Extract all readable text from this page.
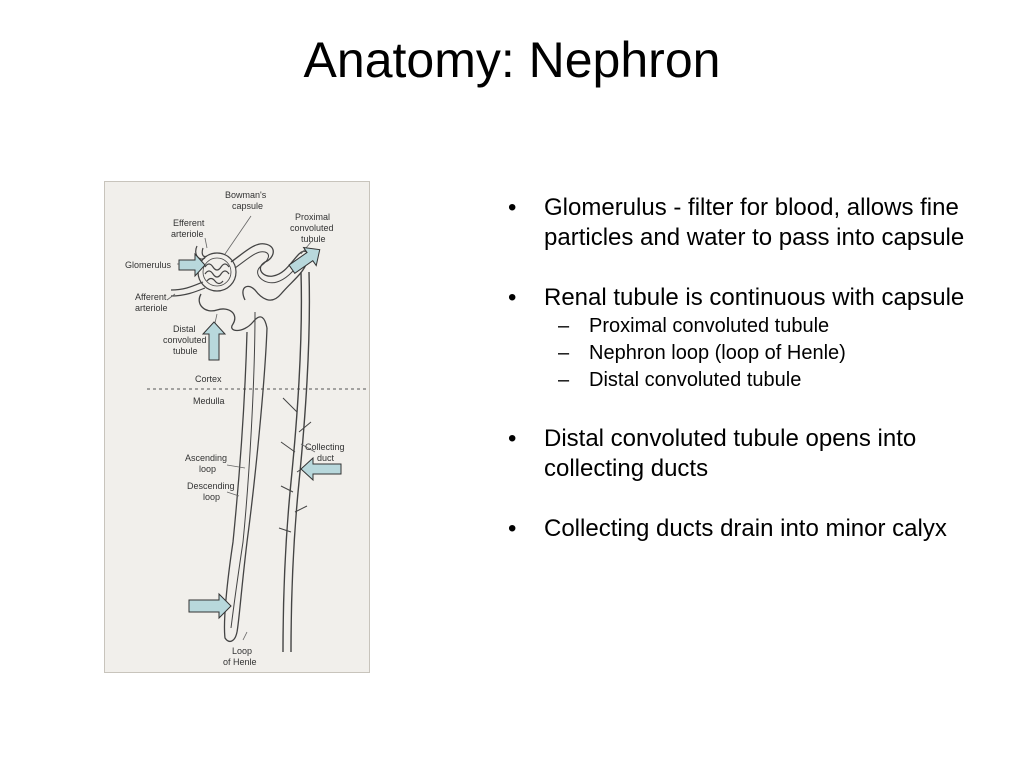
Anatomy: Nephron
Bowman's capsule
Efferent arteriole
Proximal convoluted tubule
Glomerulus
Afferent arteriole
Distal convoluted tubule
Cortex
Medulla
Collecting duct
Ascending loop
Descending loop
Loop of Henle
• Glomerulus - filter for blood, allows fine particles and water to pass into capsule
• Renal tubule is continuous with capsule
– Proximal convoluted tubule
– Nephron loop (loop of Henle)
– Distal convoluted tubule
• Distal convoluted tubule opens into collecting ducts
• Collecting ducts drain into minor calyx
